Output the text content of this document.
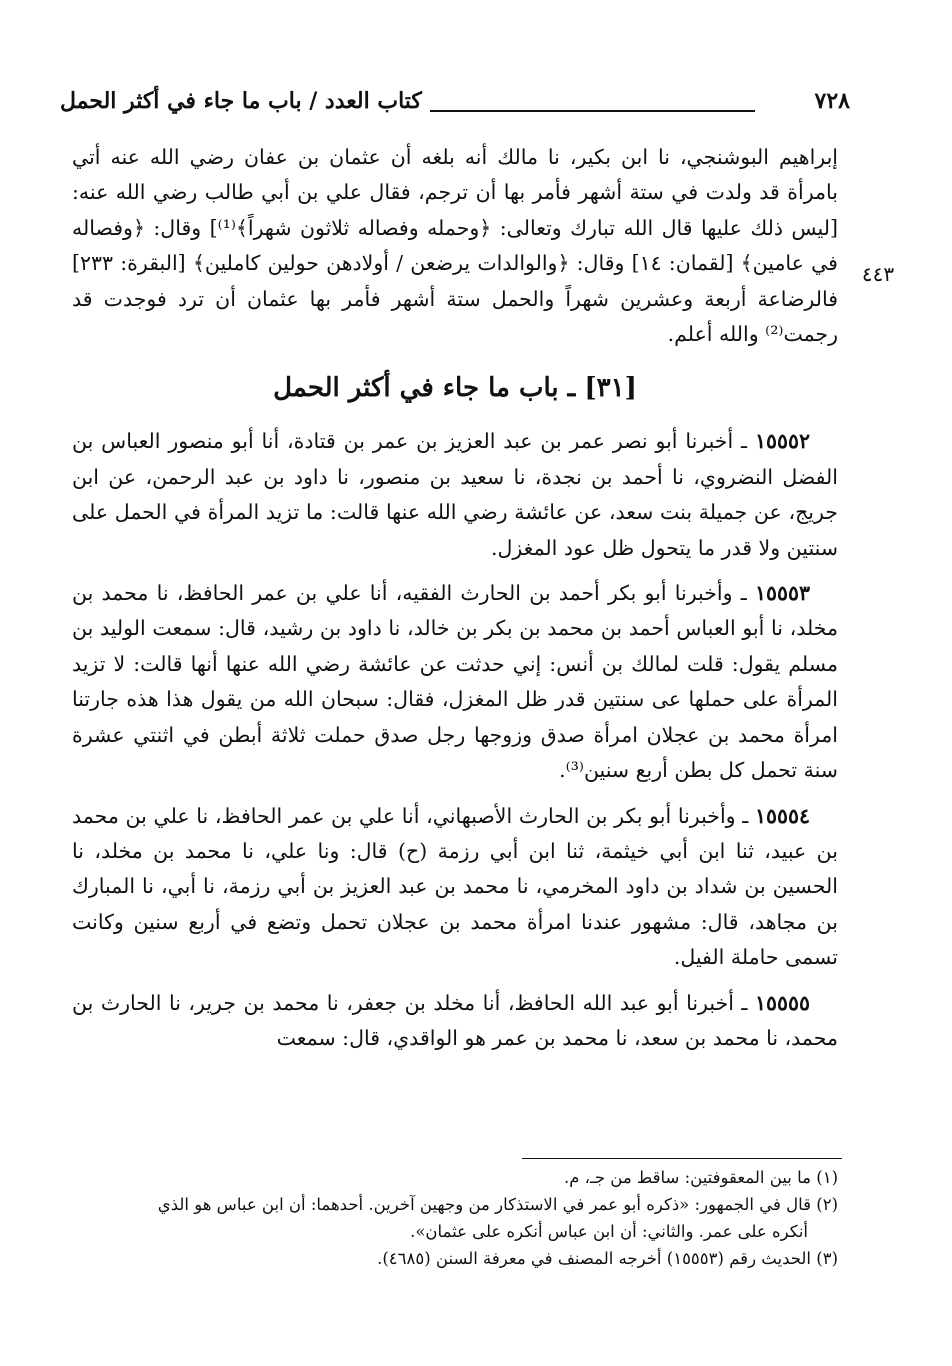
٧٢٨
كتاب العدد / باب ما جاء في أكثر الحمل
٤٤٣

إبراهيم البوشنجي، نا ابن بكير، نا مالك أنه بلغه أن عثمان بن عفان رضي الله عنه أتي بامرأة قد ولدت في ستة أشهر فأمر بها أن ترجم، فقال علي بن أبي طالب رضي الله عنه: [ليس ذلك عليها قال الله تبارك وتعالى: ﴿وحمله وفصاله ثلاثون شهراً﴾⁽¹⁾] وقال: ﴿وفصاله في عامين﴾ [لقمان: ١٤] وقال: ﴿والوالدات يرضعن / أولادهن حولين كاملين﴾ [البقرة: ٢٣٣] فالرضاعة أربعة وعشرين شهراً والحمل ستة أشهر فأمر بها عثمان أن ترد فوجدت قد رجمت⁽²⁾ والله أعلم.

[٣١] ـ باب ما جاء في أكثر الحمل

١٥٥٥٢ ـ أخبرنا أبو نصر عمر بن عبد العزيز بن عمر بن قتادة، أنا أبو منصور العباس بن الفضل النضروي، نا أحمد بن نجدة، نا سعيد بن منصور، نا داود بن عبد الرحمن، عن ابن جريج، عن جميلة بنت سعد، عن عائشة رضي الله عنها قالت: ما تزيد المرأة في الحمل على سنتين ولا قدر ما يتحول ظل عود المغزل.

١٥٥٥٣ ـ وأخبرنا أبو بكر أحمد بن الحارث الفقيه، أنا علي بن عمر الحافظ، نا محمد بن مخلد، نا أبو العباس أحمد بن محمد بن بكر بن خالد، نا داود بن رشيد، قال: سمعت الوليد بن مسلم يقول: قلت لمالك بن أنس: إني حدثت عن عائشة رضي الله عنها أنها قالت: لا تزيد المرأة على حملها عى سنتين قدر ظل المغزل، فقال: سبحان الله من يقول هذا هذه جارتنا امرأة محمد بن عجلان امرأة صدق وزوجها رجل صدق حملت ثلاثة أبطن في اثنتي عشرة سنة تحمل كل بطن أربع سنين⁽³⁾.

١٥٥٥٤ ـ وأخبرنا أبو بكر بن الحارث الأصبهاني، أنا علي بن عمر الحافظ، نا علي بن محمد بن عبيد، ثنا ابن أبي خيثمة، ثنا ابن أبي رزمة (ح) قال: ونا علي، نا محمد بن مخلد، نا الحسين بن شداد بن داود المخرمي، نا محمد بن عبد العزيز بن أبي رزمة، نا أبي، نا المبارك بن مجاهد، قال: مشهور عندنا امرأة محمد بن عجلان تحمل وتضع في أربع سنين وكانت تسمى حاملة الفيل.

١٥٥٥٥ ـ أخبرنا أبو عبد الله الحافظ، أنا مخلد بن جعفر، نا محمد بن جرير، نا الحارث بن محمد، نا محمد بن سعد، نا محمد بن عمر هو الواقدي، قال: سمعت

(١) ما بين المعقوفتين: ساقط من جـ، م.

(٢) قال في الجمهور: «ذكره أبو عمر في الاستذكار من وجهين آخرين. أحدهما: أن ابن عباس هو الذي

أنكره على عمر. والثاني: أن ابن عباس أنكره على عثمان».

(٣) الحديث رقم (١٥٥٥٣) أخرجه المصنف في معرفة السنن (٤٦٨٥).
